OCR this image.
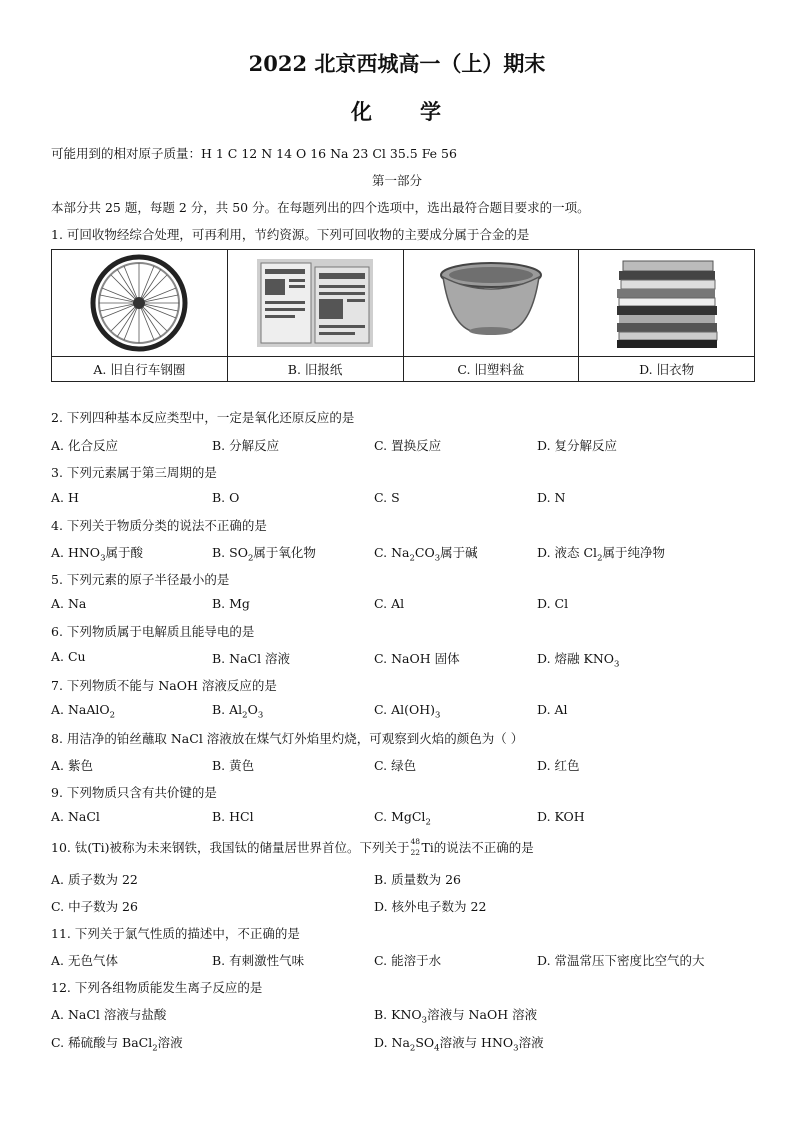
2022 北京西城高一（上）期末
化 学
可能用到的相对原子质量：H 1 C 12 N 14 O 16 Na 23 Cl 35.5 Fe 56
第一部分
本部分共 25 题，每题 2 分，共 50 分。在每题列出的四个选项中，选出最符合题目要求的一项。
1. 可回收物经综合处理，可再利用，节约资源。下列可回收物的主要成分属于合金的是

A. 旧自行车钢圈	B. 旧报纸	C. 旧塑料盆	D. 旧衣物
2. 下列四种基本反应类型中，一定是氧化还原反应的是
A. 化合反应	B. 分解反应	C. 置换反应	D. 复分解反应
3. 下列元素属于第三周期的是
A. H	B. O	C. S	D. N
4. 下列关于物质分类的说法不正确的是
A. $HNO_3$属于酸	B. $SO_2$属于氧化物	C. $Na_2CO_3$属于碱	D. 液态 $Cl_2$属于纯净物
5. 下列元素的原子半径最小的是
A. Na	B. Mg	C. Al	D. Cl
6. 下列物质属于电解质且能导电的是
A. Cu	B. NaCl 溶液	C. NaOH 固体	D. 熔融 $KNO_3$
7. 下列物质不能与 NaOH 溶液反应的是
A. NaAlO$_2$	B. $Al_2O_3$	C. $Al(OH)_3$	D. Al
8. 用洁净的铂丝蘸取 NaCl 溶液放在煤气灯外焰里灼烧，可观察到火焰的颜色为（ ）
A. 紫色	B. 黄色	C. 绿色	D. 红色
9. 下列物质只含有共价键的是
A. NaCl	B. HCl	C. MgCl$_2$	D. KOH
10. 钛(Ti)被称为未来钢铁，我国钛的储量居世界首位。下列关于 48
22 Ti的说法不正确的是
A. 质子数为 22	B. 质量数为 26
C. 中子数为 26	D. 核外电子数为 22
11. 下列关于氯气性质的描述中，不正确的是
A. 无色气体	B. 有刺激性气味	C. 能溶于水	D. 常温常压下密度比空气的大
12. 下列各组物质能发生离子反应的是
A. NaCl 溶液与盐酸	B. $KNO_3$溶液与 NaOH 溶液
C. 稀硫酸与 BaCl$_2$溶液	D. $Na_2SO_4$溶液与 $HNO_3$溶液
